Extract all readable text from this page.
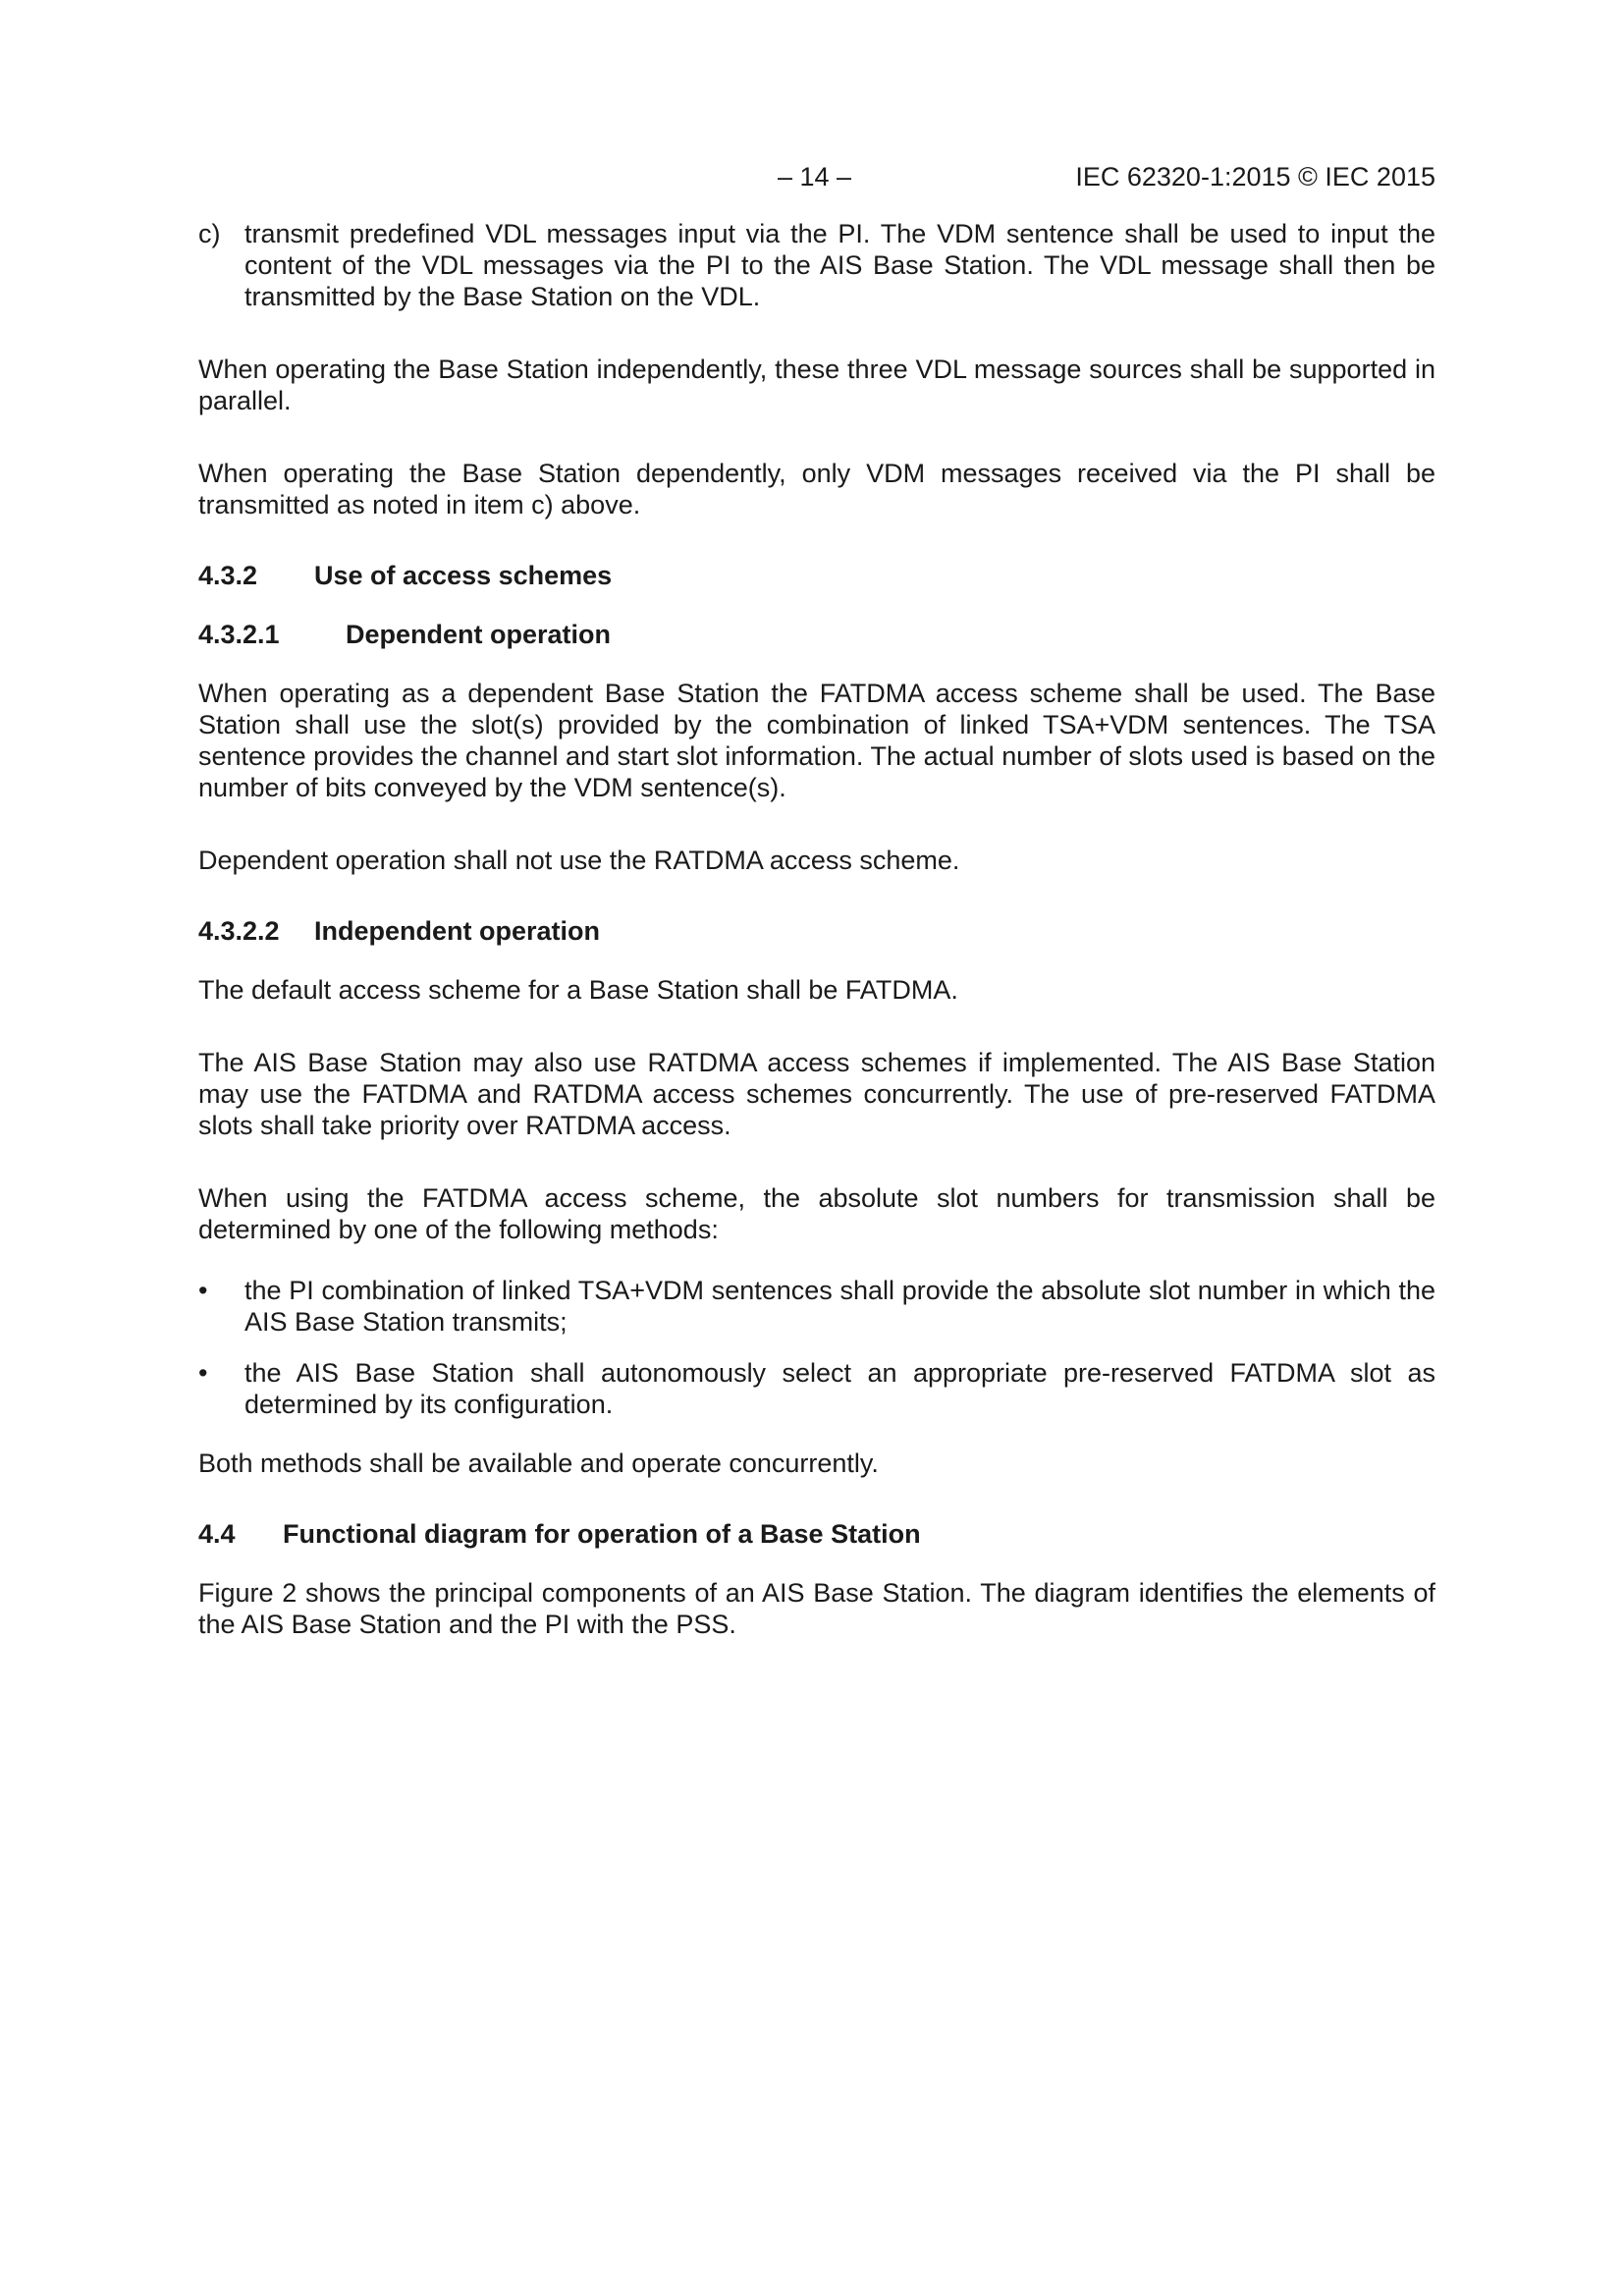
– 14 –	IEC 62320-1:2015 © IEC 2015
c) transmit predefined VDL messages input via the PI. The VDM sentence shall be used to input the content of the VDL messages via the PI to the AIS Base Station. The VDL message shall then be transmitted by the Base Station on the VDL.

When operating the Base Station independently, these three VDL message sources shall be supported in parallel.

When operating the Base Station dependently, only VDM messages received via the PI shall be transmitted as noted in item c) above.

4.3.2	Use of access schemes
4.3.2.1	Dependent operation

When operating as a dependent Base Station the FATDMA access scheme shall be used. The Base Station shall use the slot(s) provided by the combination of linked TSA+VDM sentences. The TSA sentence provides the channel and start slot information. The actual number of slots used is based on the number of bits conveyed by the VDM sentence(s).

Dependent operation shall not use the RATDMA access scheme.

4.3.2.2	Independent operation

The default access scheme for a Base Station shall be FATDMA.

The AIS Base Station may also use RATDMA access schemes if implemented. The AIS Base Station may use the FATDMA and RATDMA access schemes concurrently. The use of pre-reserved FATDMA slots shall take priority over RATDMA access.

When using the FATDMA access scheme, the absolute slot numbers for transmission shall be determined by one of the following methods:

•	the PI combination of linked TSA+VDM sentences shall provide the absolute slot number in which the AIS Base Station transmits;
•	the AIS Base Station shall autonomously select an appropriate pre-reserved FATDMA slot as determined by its configuration.

Both methods shall be available and operate concurrently.

4.4	Functional diagram for operation of a Base Station

Figure 2 shows the principal components of an AIS Base Station. The diagram identifies the elements of the AIS Base Station and the PI with the PSS.
